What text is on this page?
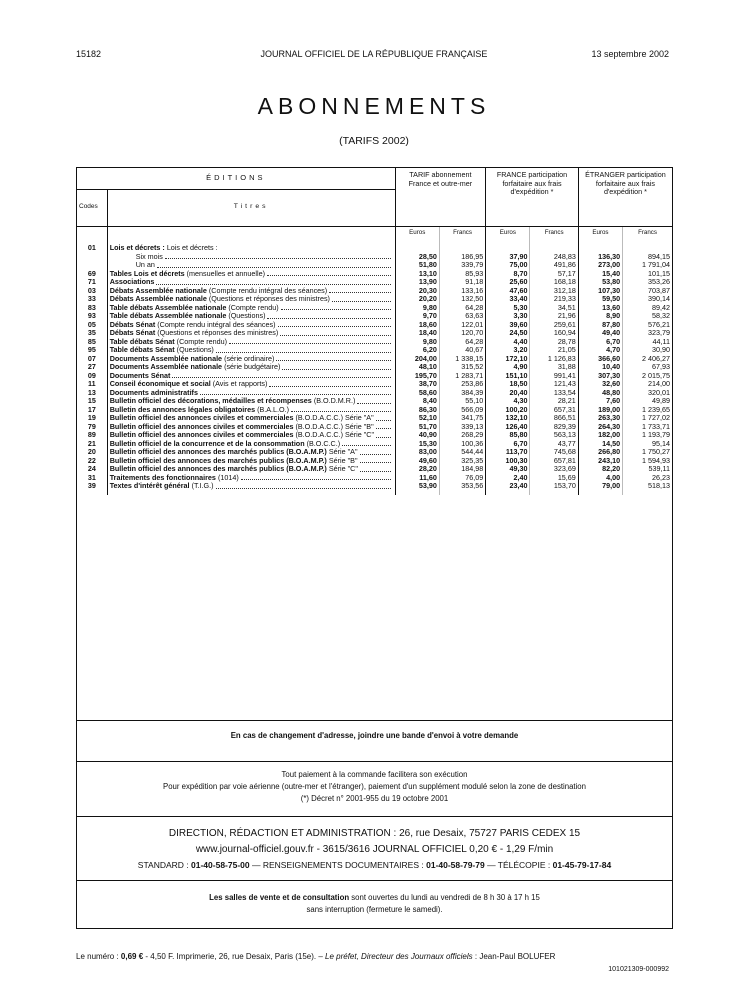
15182	JOURNAL OFFICIEL DE LA RÉPUBLIQUE FRANÇAISE	13 septembre 2002
ABONNEMENTS
(TARIFS 2002)
ÉDITIONS		TARIF abonnement France et outre-mer		FRANCE participation forfaitaire aux frais d'expédition *		ÉTRANGER participation forfaitaire aux frais d'expédition *	
Codes	Titres						
		Euros	Francs	Euros	Francs	Euros	Francs

01	Lois et décrets : Lois et décrets :						

	Six mois	28,50	186,95	37,90	248,83	136,30	894,15

	Un an	51,80	339,79	75,00	491,86	273,00	1 791,04
69	Tables Lois et décrets (mensuelles et annuelle)	13,10	85,93	8,70	57,17	15,40	101,15
71	Associations	13,90	91,18	25,60	168,18	53,80	353,26
03	Débats Assemblée nationale (Compte rendu intégral des séances)	20,30	133,16	47,60	312,18	107,30	703,87
33	Débats Assemblée nationale (Questions et réponses des ministres)	20,20	132,50	33,40	219,33	59,50	390,14
83	Table débats Assemblée nationale (Compte rendu)	9,80	64,28	5,30	34,51	13,60	89,42
93	Table débats Assemblée nationale (Questions)	9,70	63,63	3,30	21,96	8,90	58,32
05	Débats Sénat (Compte rendu intégral des séances)	18,60	122,01	39,60	259,61	87,80	576,21
35	Débats Sénat (Questions et réponses des ministres)	18,40	120,70	24,50	160,94	49,40	323,79
85	Table débats Sénat (Compte rendu)	9,80	64,28	4,40	28,78	6,70	44,11
95	Table débats Sénat (Questions)	6,20	40,67	3,20	21,05	4,70	30,90
07	Documents Assemblée nationale (série ordinaire)	204,00	1 338,15	172,10	1 126,83	366,60	2 406,27
27	Documents Assemblée nationale (série budgétaire)	48,10	315,52	4,90	31,88	10,40	67,93
09	Documents Sénat	195,70	1 283,71	151,10	991,41	307,30	2 015,75
11	Conseil économique et social (Avis et rapports)	38,70	253,86	18,50	121,43	32,60	214,00
13	Documents administratifs	58,60	384,39	20,40	133,54	48,80	320,01
15	Bulletin officiel des décorations, médailles et récompenses (B.O.D.M.R.)	8,40	55,10	4,30	28,21	7,60	49,89
17	Bulletin des annonces légales obligatoires (B.A.L.O.)	86,30	566,09	100,20	657,31	189,00	1 239,65
19	Bulletin officiel des annonces civiles et commerciales (B.O.D.A.C.C.) Série "A"	52,10	341,75	132,10	866,51	263,30	1 727,02
79	Bulletin officiel des annonces civiles et commerciales (B.O.D.A.C.C.) Série "B"	51,70	339,13	126,40	829,39	264,30	1 733,71
89	Bulletin officiel des annonces civiles et commerciales (B.O.D.A.C.C.) Série "C"	40,90	268,29	85,80	563,13	182,00	1 193,79
21	Bulletin officiel de la concurrence et de la consommation (B.O.C.C.)	15,30	100,36	6,70	43,77	14,50	95,14
20	Bulletin officiel des annonces des marchés publics (B.O.A.M.P.) Série "A"	83,00	544,44	113,70	745,68	266,80	1 750,27
22	Bulletin officiel des annonces des marchés publics (B.O.A.M.P.) Série "B"	49,60	325,35	100,30	657,81	243,10	1 594,93
24	Bulletin officiel des annonces des marchés publics (B.O.A.M.P.) Série "C"	28,20	184,98	49,30	323,69	82,20	539,11
31	Traitements des fonctionnaires (1014)	11,60	76,09	2,40	15,69	4,00	26,23
39	Textes d'intérêt général (T.I.G.)	53,90	353,56	23,40	153,70	79,00	518,13

En cas de changement d'adresse, joindre une bande d'envoi à votre demande
Tout paiement à la commande facilitera son exécution
Pour expédition par voie aérienne (outre-mer et l'étranger), paiement d'un supplément modulé selon la zone de destination
(*) Décret n° 2001-955 du 19 octobre 2001
DIRECTION, RÉDACTION ET ADMINISTRATION : 26, rue Desaix, 75727 PARIS CEDEX 15
www.journal-officiel.gouv.fr - 3615/3616 JOURNAL OFFICIEL 0,20 € - 1,29 F/min
STANDARD : 01-40-58-75-00 — RENSEIGNEMENTS DOCUMENTAIRES : 01-40-58-79-79 — TÉLÉCOPIE : 01-45-79-17-84
Les salles de vente et de consultation sont ouvertes du lundi au vendredi de 8 h 30 à 17 h 15
sans interruption (fermeture le samedi).
Le numéro : 0,69 € - 4,50 F. Imprimerie, 26, rue Desaix, Paris (15e). – Le préfet, Directeur des Journaux officiels : Jean-Paul BOLUFER
101021309-000992
